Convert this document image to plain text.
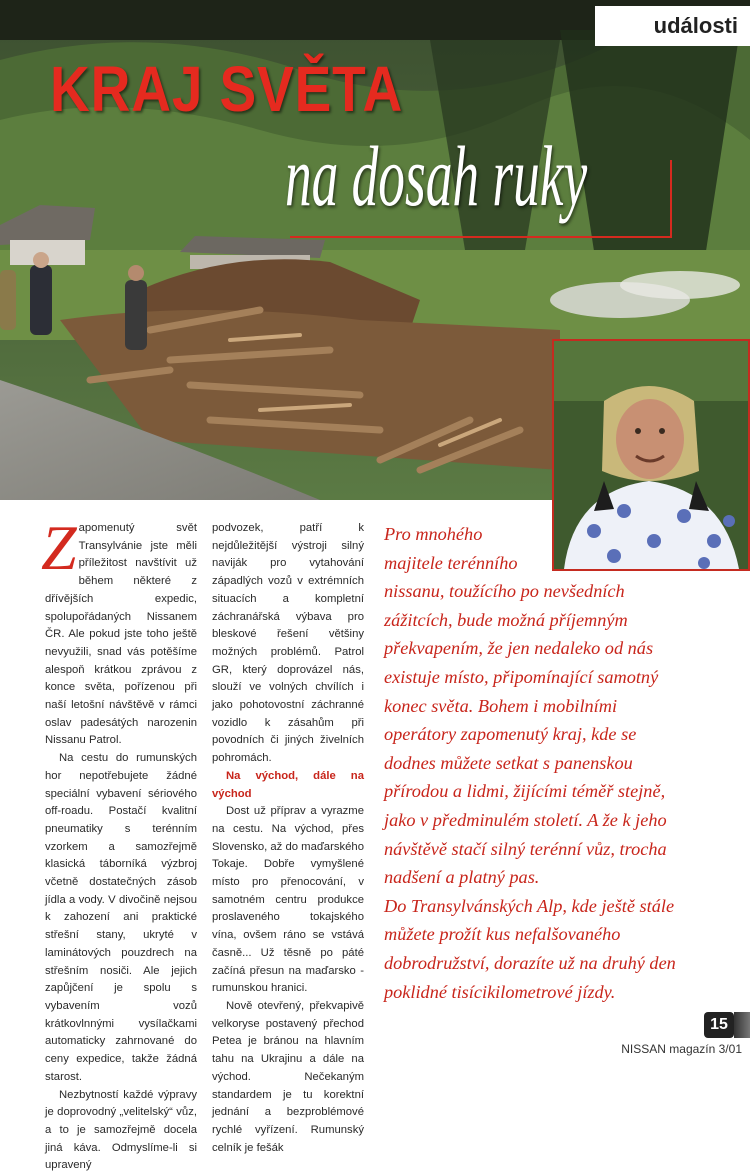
události
KRAJ SVĚTA
na dosah ruky

Zapomenutý svět Transylvánie jste měli příležitost navštívit už během některé z dřívějších expedic, spolupořádaných Nissanem ČR. Ale pokud jste toho ještě nevyužili, snad vás potěšíme alespoň krátkou zprávou z konce světa, pořízenou při naší letošní návštěvě v rámci oslav padesátých narozenin Nissanu Patrol.

Na cestu do rumunských hor nepotřebujete žádné speciální vybavení sériového off-roadu. Postačí kvalitní pneumatiky s terénním vzorkem a samozřejmě klasická táborníká výzbroj včetně dostatečných zásob jídla a vody. V divočině nejsou k zahození ani praktické střešní stany, ukryté v laminátových pouzdrech na střešním nosiči. Ale jejich zapůjčení je spolu s vybavením vozů krátkovlnnými vysílačkami automaticky zahrnované do ceny expedice, takže žádná starost.

Nezbytností každé výpravy je doprovodný „velitelský“ vůz, a to je samozřejmě docela jiná káva. Odmyslíme-li si upravený

podvozek, patří k nejdůležitější výstroji silný naviják pro vytahování západlých vozů v extrémních situacích a kompletní záchranářská výbava pro bleskové řešení většiny možných problémů. Patrol GR, který doprovázel nás, slouží ve volných chvílích i jako pohotovostní záchranné vozidlo k zásahům při povodních či jiných živelních pohromách.

Na východ, dále na východ

Dost už příprav a vyrazme na cestu. Na východ, přes Slovensko, až do maďarského Tokaje. Dobře vymyšlené místo pro přenocování, v samotném centru produkce proslaveného tokajského vína, ovšem ráno se vstává časně... Už těsně po páté začíná přesun na maďarsko - rumunskou hranici.

Nově otevřený, překvapivě velkoryse postavený přechod Petea je bránou na hlavním tahu na Ukrajinu a dále na východ. Nečekaným standardem je tu korektní jednání a bezproblémové rychlé vyřízení. Rumunský celník je fešák

Pro mnohého

majitele terénního

nissanu, toužícího po nevšedních

zážitcích, bude možná příjemným

překvapením, že jen nedaleko od nás

existuje místo, připomínající samotný

konec světa. Bohem i mobilními

operátory zapomenutý kraj, kde se

dodnes můžete setkat s panenskou

přírodou a lidmi, žijícími téměř stejně,

jako v předminulém století. A že k jeho

návštěvě stačí silný terénní vůz, trocha

nadšení a platný pas.

Do Transylvánských Alp, kde ještě stále

můžete prožít kus nefalšovaného

dobrodružství, dorazíte už na druhý den

poklidné tisícikilometrové jízdy.

15
NISSAN magazín 3/01
